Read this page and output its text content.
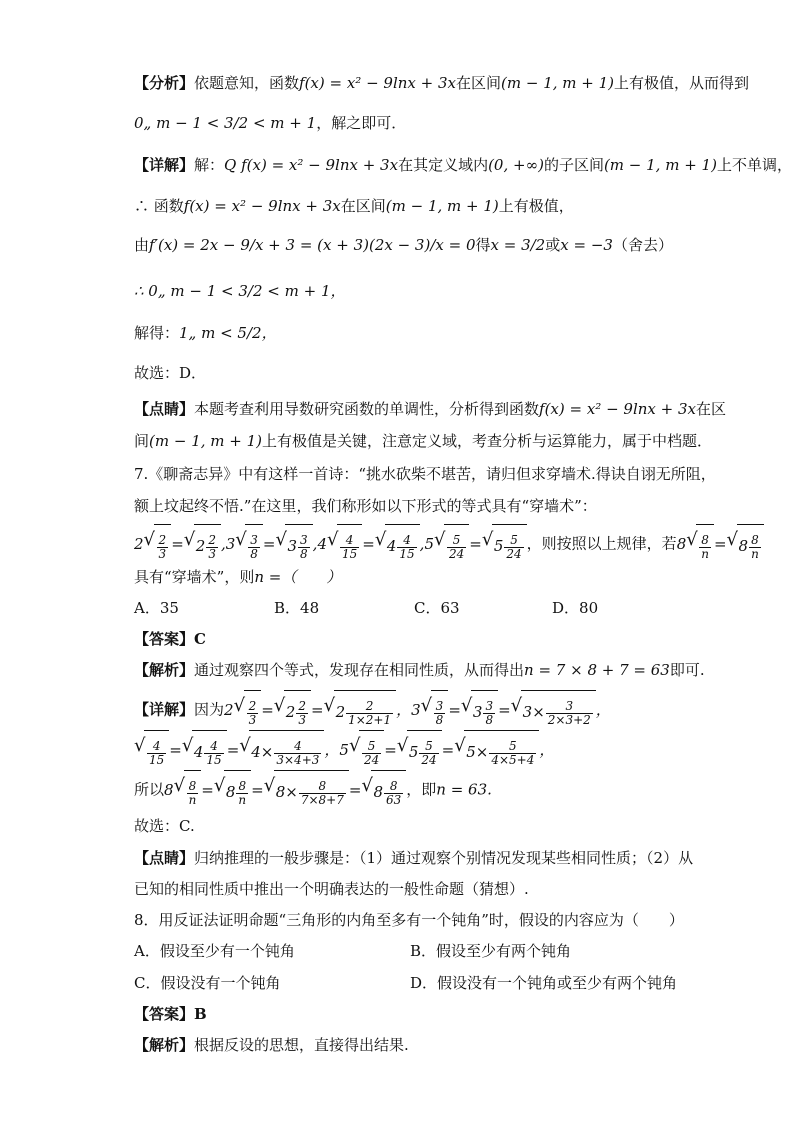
【分析】依题意知，函数f(x) = x² − 9lnx + 3x在区间(m − 1, m + 1)上有极值，从而得到
0„ m − 1 < 3/2 < m + 1，解之即可．
【详解】解：Q f(x) = x² − 9lnx + 3x在其定义域内(0, +∞)的子区间(m − 1, m + 1)上不单调，
∴ 函数f(x) = x² − 9lnx + 3x在区间(m − 1, m + 1)上有极值，
由f′(x) = 2x − 9/x + 3 = (x + 3)(2x − 3)/x = 0得x = 3/2或x = −3（舍去）
∴ 0„ m − 1 < 3/2 < m + 1，
解得：1„ m < 5/2，
故选：D．
【点睛】本题考查利用导数研究函数的单调性，分析得到函数f(x) = x² − 9lnx + 3x在区
间(m − 1, m + 1)上有极值是关键，注意定义域，考查分析与运算能力，属于中档题．
7.《聊斋志异》中有这样一首诗：“挑水砍柴不堪苦，请归但求穿墙术.得诀自诩无所阻，
额上坟起终不悟.”在这里，我们称形如以下形式的等式具有“穿墙术”：
2 √ $\frac{2}{3}$ = √ $2 \frac{2}{3} ,3$ √ $\frac{3}{8}$ = √ $3 \frac{3}{8} ,4$ √ $\frac{4}{15}$ = √ $4 \frac{4}{15} ,5$ √ $\frac{5}{24}$ = √ $5 \frac{5}{24}$ ，则按照以上规律，若8 √ $\frac{8}{n}$ = √ $8 \frac{8}{n}$
具有“穿墙术”，则n =（　　）
A．35	B．48	C．63	D．80
【答案】C
【解析】通过观察四个等式，发现存在相同性质，从而得出n = 7 × 8 + 7 = 63即可.
【详解】因为2 √ $\frac{2}{3}$ = √ $2 \frac{2}{3}$ = √ $2 \frac{2}{1\times 2+1}$ ，3 √ $\frac{3}{8}$ = √ $3 \frac{3}{8}$ = √ $3\times \frac{3}{2\times 3+2}$ ，
√ $\frac{4}{15}$ = √ $4 \frac{4}{15}$ = √ $4\times \frac{4}{3\times 4+3}$ ，5 √ $\frac{5}{24}$ = √ $5 \frac{5}{24}$ = √ $5\times \frac{5}{4\times 5+4}$ ，
所以8 √ $\frac{8}{n}$ = √ $8 \frac{8}{n}$ = √ $8\times \frac{8}{7\times 8+7}$ = √ $8 \frac{8}{63}$ ，即n = 63.
故选：C.
【点睛】归纳推理的一般步骤是：（1）通过观察个别情况发现某些相同性质；（2）从
已知的相同性质中推出一个明确表达的一般性命题（猜想）.
8．用反证法证明命题“三角形的内角至多有一个钝角”时，假设的内容应为（　　）
A．假设至少有一个钝角	B．假设至少有两个钝角
C．假设没有一个钝角	D．假设没有一个钝角或至少有两个钝角
【答案】B
【解析】根据反设的思想，直接得出结果.
